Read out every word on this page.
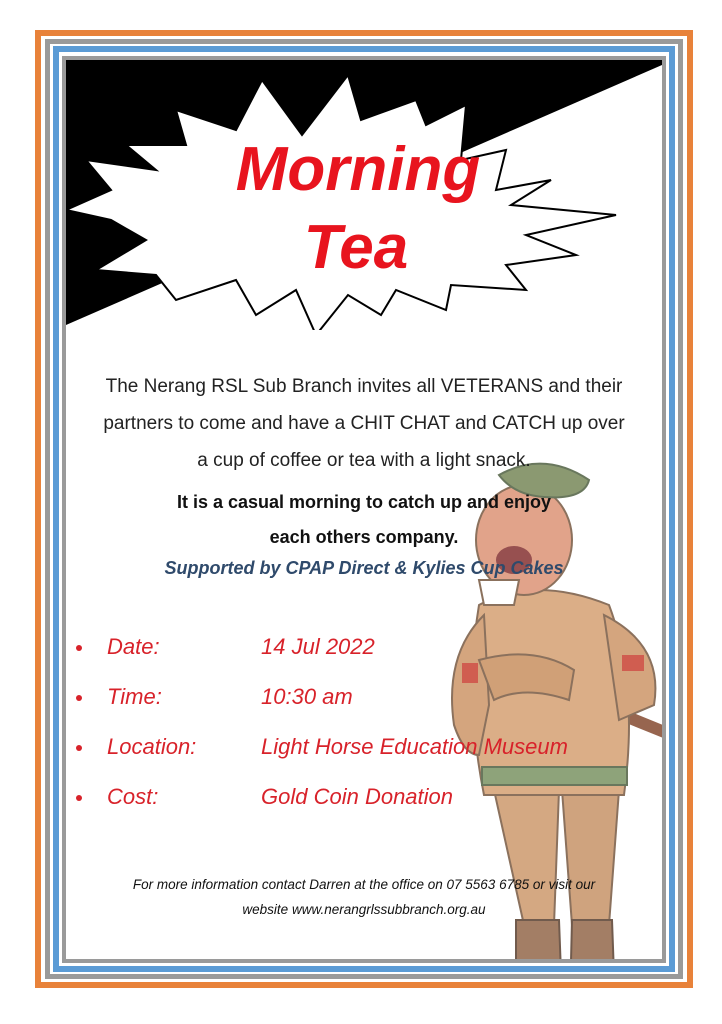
Morning
Tea
The Nerang RSL Sub Branch invites all VETERANS and their
partners to come and have a CHIT CHAT and CATCH up over
a cup of coffee or tea with a light snack.
It is a casual morning to catch up and enjoy
each others company.
Supported by CPAP Direct & Kylies Cup Cakes
Date:	14 Jul 2022
Time:	10:30 am
Location:	Light Horse Education Museum
Cost:	Gold Coin Donation
For more information contact Darren at the office on 07 5563 6785 or visit our
website www.nerangrlssubbranch.org.au
